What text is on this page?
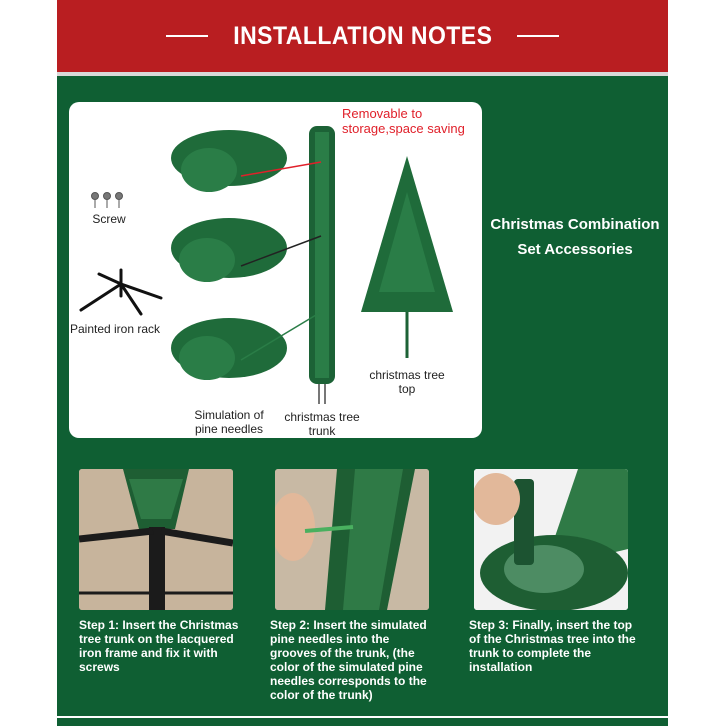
INSTALLATION NOTES
Removable to storage,space saving
Screw
Painted iron rack
Simulation of pine needles
christmas tree trunk
christmas tree top
Christmas Combination
Set Accessories
Step 1: Insert the Christmas tree trunk on the lacquered iron frame and fix it with screws
Step 2: Insert the simulated pine needles into the grooves of the trunk, (the color of the simulated pine needles corresponds to the color of the trunk)
Step 3: Finally, insert the top of the Christmas tree into the trunk to complete the installation
